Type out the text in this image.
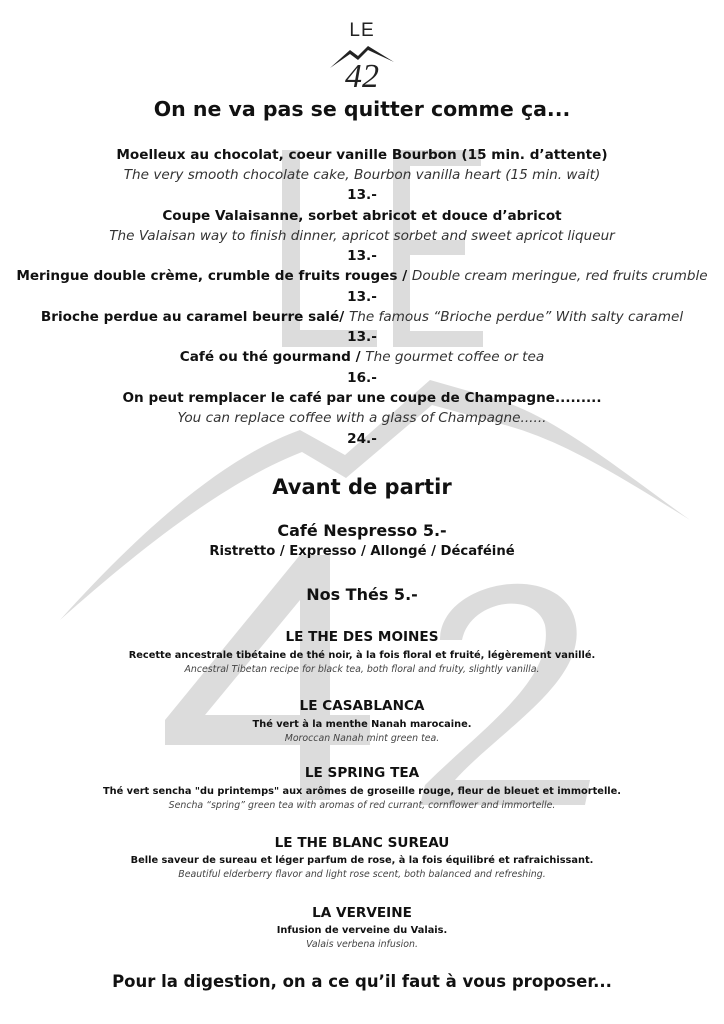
LE
42
On ne va pas se quitter comme ça...
Moelleux au chocolat, coeur vanille Bourbon (15 min. d’attente)
The very smooth chocolate cake, Bourbon vanilla heart (15 min. wait)
13.-
Coupe Valaisanne, sorbet abricot et douce d’abricot
The Valaisan way to finish dinner, apricot sorbet and sweet apricot liqueur
13.-
Meringue double crème, crumble de fruits rouges / Double cream meringue, red fruits crumble
13.-
Brioche perdue au caramel beurre salé/ The famous “Brioche perdue” With salty caramel
13.-
Café ou thé gourmand / The gourmet coffee or tea
16.-
On peut remplacer le café par une coupe de Champagne.........
You can replace coffee with a glass of Champagne......
24.-
Avant de partir
Café Nespresso 5.-
Ristretto / Expresso / Allongé / Décaféiné
Nos Thés 5.-
LE THE DES MOINES
Recette ancestrale tibétaine de thé noir, à la fois floral et fruité, légèrement vanillé.
Ancestral Tibetan recipe for black tea, both floral and fruity, slightly vanilla.
LE CASABLANCA
Thé vert à la menthe Nanah marocaine.
Moroccan Nanah mint green tea.
LE SPRING TEA
Thé vert sencha "du printemps" aux arômes de groseille rouge, fleur de bleuet et immortelle.
Sencha “spring” green tea with aromas of red currant, cornflower and immortelle.
LE THE BLANC SUREAU
Belle saveur de sureau et léger parfum de rose, à la fois équilibré et rafraichissant.
Beautiful elderberry flavor and light rose scent, both balanced and refreshing.
LA VERVEINE
Infusion de verveine du Valais.
Valais verbena infusion.
Pour la digestion, on a ce qu’il faut à vous proposer...
